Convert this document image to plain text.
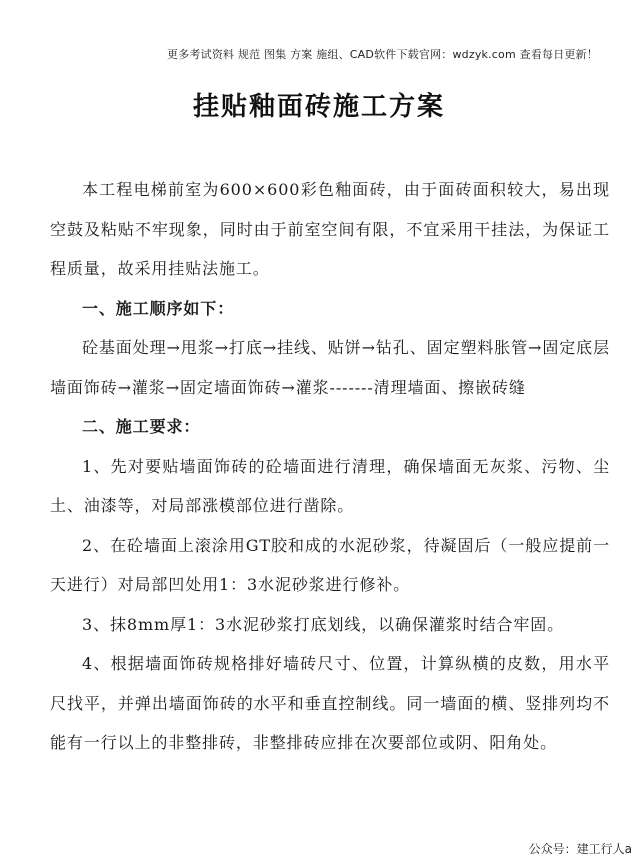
更多考试资料 规范 图集 方案 施组、CAD软件下载官网：wdzyk.com 查看每日更新！
挂贴釉面砖施工方案

本工程电梯前室为600×600彩色釉面砖，由于面砖面积较大，易出现空鼓及粘贴不牢现象，同时由于前室空间有限，不宜采用干挂法，为保证工程质量，故采用挂贴法施工。

一、施工顺序如下：

砼基面处理→甩浆→打底→挂线、贴饼→钻孔、固定塑料胀管→固定底层墙面饰砖→灌浆→固定墙面饰砖→灌浆-------清理墙面、擦嵌砖缝

二、施工要求：

1、先对要贴墙面饰砖的砼墙面进行清理，确保墙面无灰浆、污物、尘土、油漆等，对局部涨模部位进行凿除。

2、在砼墙面上滚涂用GT胶和成的水泥砂浆，待凝固后（一般应提前一天进行）对局部凹处用1：3水泥砂浆进行修补。

3、抹8mm厚1：3水泥砂浆打底划线，以确保灌浆时结合牢固。

4、根据墙面饰砖规格排好墙砖尺寸、位置，计算纵横的皮数，用水平尺找平，并弹出墙面饰砖的水平和垂直控制线。同一墙面的横、竖排列均不能有一行以上的非整排砖，非整排砖应排在次要部位或阴、阳角处。

公众号：建工行人a
